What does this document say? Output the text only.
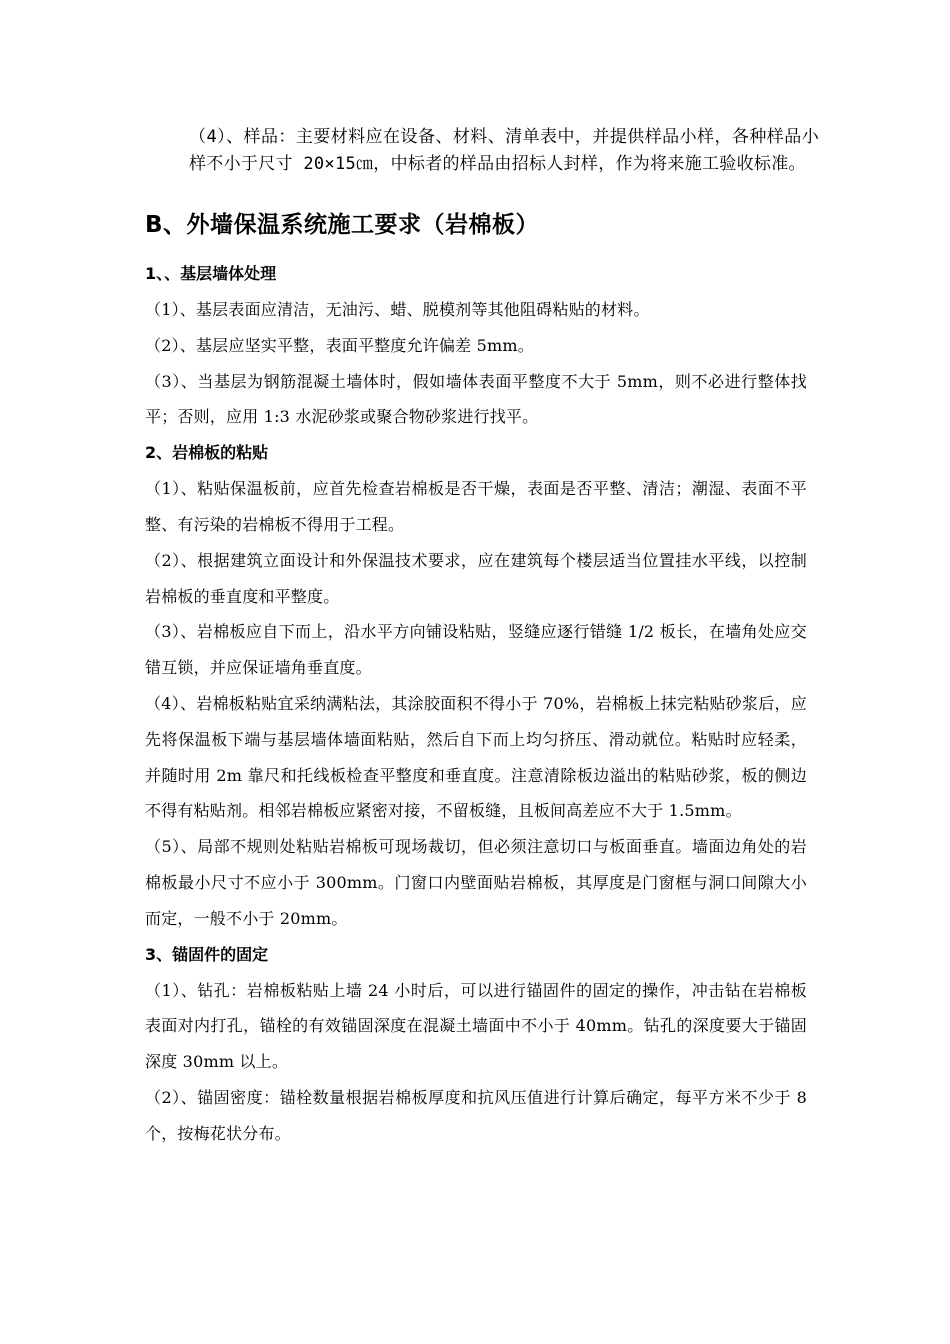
（4）、样品：主要材料应在设备、材料、清单表中，并提供样品小样，各种样品小样不小于尺寸 20×15㎝，中标者的样品由招标人封样，作为将来施工验收标准。
B、外墙保温系统施工要求（岩棉板）
1、、基层墙体处理

（1）、基层表面应清洁，无油污、蜡、脱模剂等其他阻碍粘贴的材料。

（2）、基层应坚实平整，表面平整度允许偏差 5mm。

（3）、当基层为钢筋混凝土墙体时，假如墙体表面平整度不大于 5mm，则不必进行整体找平；否则，应用 1:3 水泥砂浆或聚合物砂浆进行找平。

2、岩棉板的粘贴

（1）、粘贴保温板前，应首先检查岩棉板是否干燥，表面是否平整、清洁；潮湿、表面不平整、有污染的岩棉板不得用于工程。

（2）、根据建筑立面设计和外保温技术要求，应在建筑每个楼层适当位置挂水平线，以控制岩棉板的垂直度和平整度。

（3）、岩棉板应自下而上，沿水平方向铺设粘贴，竖缝应逐行错缝 1/2 板长，在墙角处应交错互锁，并应保证墙角垂直度。

（4）、岩棉板粘贴宜采纳满粘法，其涂胶面积不得小于 70%，岩棉板上抹完粘贴砂浆后，应先将保温板下端与基层墙体墙面粘贴，然后自下而上均匀挤压、滑动就位。粘贴时应轻柔，并随时用 2m 靠尺和托线板检查平整度和垂直度。注意清除板边溢出的粘贴砂浆，板的侧边不得有粘贴剂。相邻岩棉板应紧密对接，不留板缝，且板间高差应不大于 1.5mm。

（5）、局部不规则处粘贴岩棉板可现场裁切，但必须注意切口与板面垂直。墙面边角处的岩棉板最小尺寸不应小于 300mm。门窗口内壁面贴岩棉板，其厚度是门窗框与洞口间隙大小而定，一般不小于 20mm。

3、锚固件的固定

（1）、钻孔：岩棉板粘贴上墙 24 小时后，可以进行锚固件的固定的操作，冲击钻在岩棉板表面对内打孔，锚栓的有效锚固深度在混凝土墙面中不小于 40mm。钻孔的深度要大于锚固深度 30mm 以上。

（2）、锚固密度：锚栓数量根据岩棉板厚度和抗风压值进行计算后确定，每平方米不少于 8 个，按梅花状分布。
